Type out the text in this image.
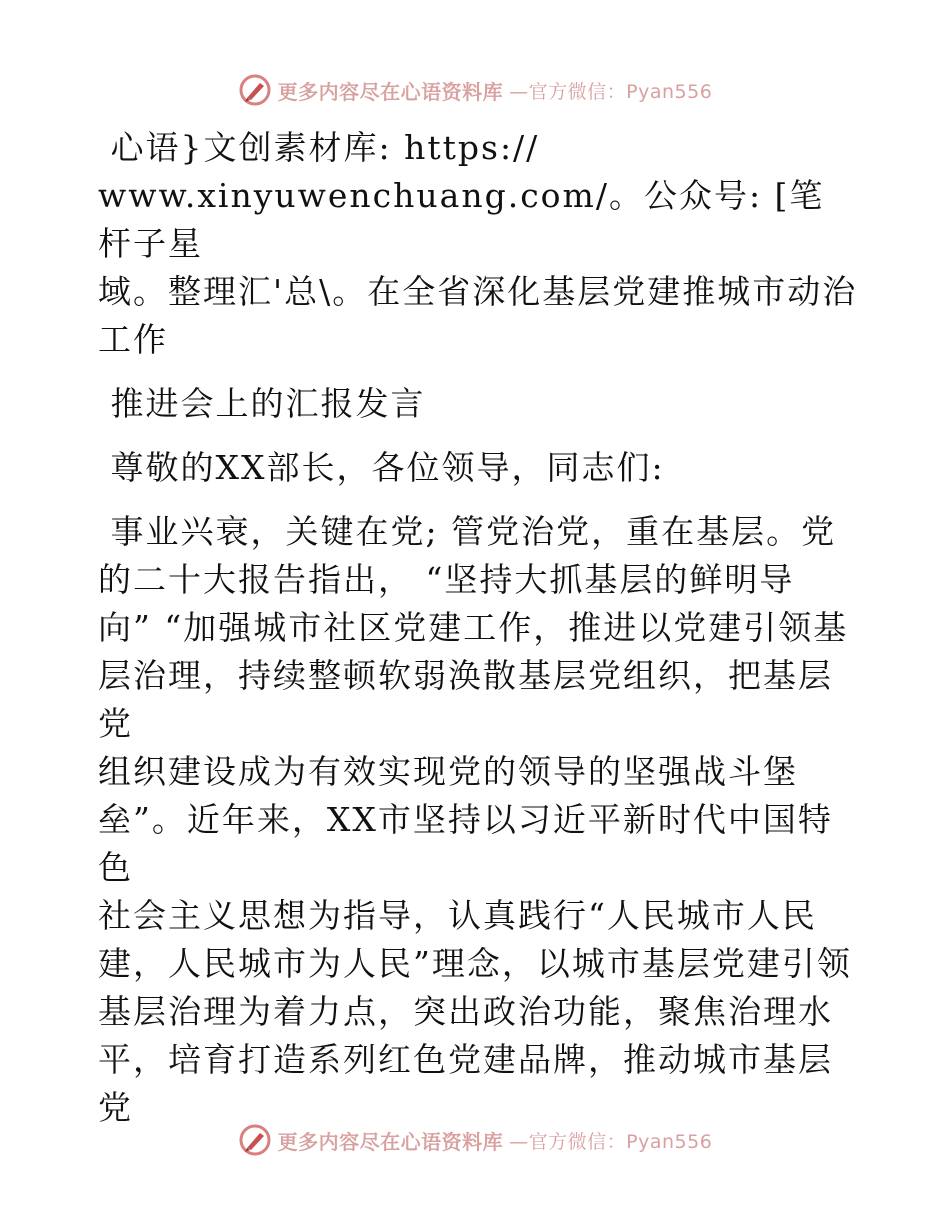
更多内容尽在心语资料库 —官方微信：Pyan556

心语}文创素材库: https://
www.xinyuwenchuang.com/。公众号: [笔杆子星
域。整理汇'总\。在全省深化基层党建推城市动治
工作

推进会上的汇报发言

尊敬的XX部长，各位领导，同志们:

事业兴衰，关键在党; 管党治党，重在基层。党
的二十大报告指出， “坚持大抓基层的鲜明导
向” “加强城市社区党建工作，推进以党建引领基
层治理，持续整顿软弱涣散基层党组织，把基层党
组织建设成为有效实现党的领导的坚强战斗堡
垒”。近年来，XX市坚持以习近平新时代中国特色
社会主义思想为指导，认真践行“人民城市人民
建，人民城市为人民”理念，以城市基层党建引领
基层治理为着力点，突出政治功能，聚焦治理水
平，培育打造系列红色党建品牌，推动城市基层党

更多内容尽在心语资料库 —官方微信：Pyan556
